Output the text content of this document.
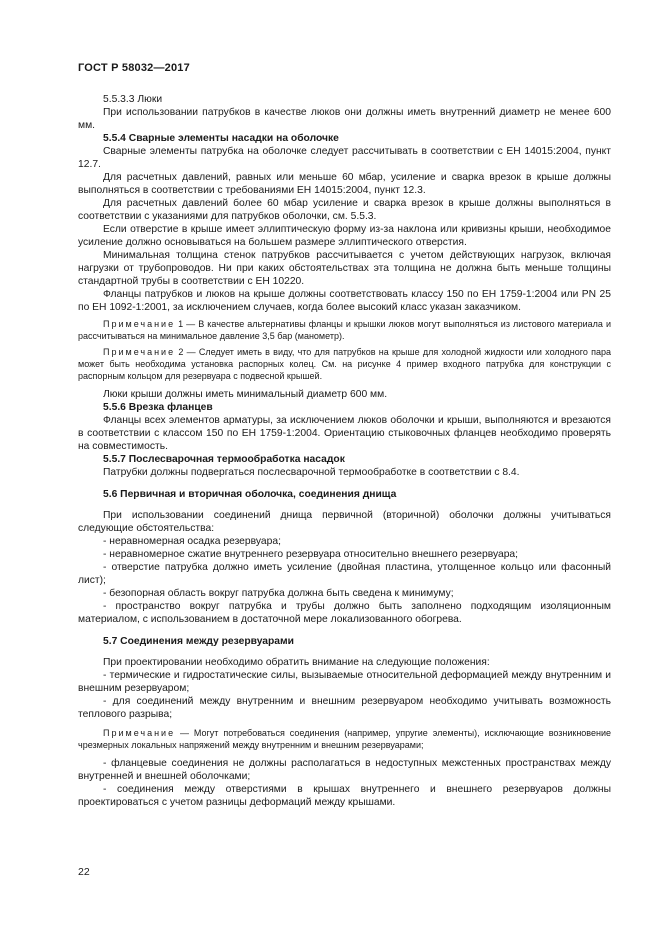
ГОСТ Р 58032—2017

5.5.3.3 Люки

При использовании патрубков в качестве люков они должны иметь внутренний диаметр не менее 600 мм.

5.5.4 Сварные элементы насадки на оболочке

Сварные элементы патрубка на оболочке следует рассчитывать в соответствии с ЕН 14015:2004, пункт 12.7.

Для расчетных давлений, равных или меньше 60 мбар, усиление и сварка врезок в крыше должны выполняться в соответствии с требованиями ЕН 14015:2004, пункт 12.3.

Для расчетных давлений более 60 мбар усиление и сварка врезок в крыше должны выполняться в соответствии с указаниями для патрубков оболочки, см. 5.5.3.

Если отверстие в крыше имеет эллиптическую форму из-за наклона или кривизны крыши, необходимое усиление должно основываться на большем размере эллиптического отверстия.

Минимальная толщина стенок патрубков рассчитывается с учетом действующих нагрузок, включая нагрузки от трубопроводов. Ни при каких обстоятельствах эта толщина не должна быть меньше толщины стандартной трубы в соответствии с ЕН 10220.

Фланцы патрубков и люков на крыше должны соответствовать классу 150 по ЕН 1759-1:2004 или PN 25 по ЕН 1092-1:2001, за исключением случаев, когда более высокий класс указан заказчиком.

Примечание 1 — В качестве альтернативы фланцы и крышки люков могут выполняться из листового материала и рассчитываться на минимальное давление 3,5 бар (манометр).

Примечание 2 — Следует иметь в виду, что для патрубков на крыше для холодной жидкости или холодного пара может быть необходима установка распорных колец. См. на рисунке 4 пример входного патрубка для конструкции с распорным кольцом для резервуара с подвесной крышей.

Люки крыши должны иметь минимальный диаметр 600 мм.

5.5.6 Врезка фланцев

Фланцы всех элементов арматуры, за исключением люков оболочки и крыши, выполняются и врезаются в соответствии с классом 150 по ЕН 1759-1:2004. Ориентацию стыковочных фланцев необходимо проверять на совместимость.

5.5.7 Послесварочная термообработка насадок

Патрубки должны подвергаться послесварочной термообработке в соответствии с 8.4.

5.6 Первичная и вторичная оболочка, соединения днища

При использовании соединений днища первичной (вторичной) оболочки должны учитываться следующие обстоятельства:

- неравномерная осадка резервуара;

- неравномерное сжатие внутреннего резервуара относительно внешнего резервуара;

- отверстие патрубка должно иметь усиление (двойная пластина, утолщенное кольцо или фасонный лист);

- безопорная область вокруг патрубка должна быть сведена к минимуму;

- пространство вокруг патрубка и трубы должно быть заполнено подходящим изоляционным материалом, с использованием в достаточной мере локализованного обогрева.

5.7 Соединения между резервуарами

При проектировании необходимо обратить внимание на следующие положения:

- термические и гидростатические силы, вызываемые относительной деформацией между внутренним и внешним резервуаром;

- для соединений между внутренним и внешним резервуаром необходимо учитывать возможность теплового разрыва;

Примечание — Могут потребоваться соединения (например, упругие элементы), исключающие возникновение чрезмерных локальных напряжений между внутренним и внешним резервуарами;

- фланцевые соединения не должны располагаться в недоступных межстенных пространствах между внутренней и внешней оболочками;

- соединения между отверстиями в крышах внутреннего и внешнего резервуаров должны проектироваться с учетом разницы деформаций между крышами.

22
